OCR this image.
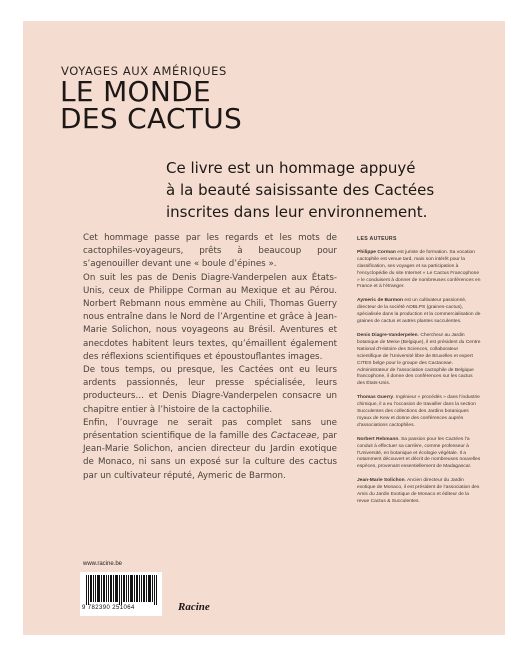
VOYAGES AUX AMÉRIQUES
LE MONDE
DES CACTUS
Ce livre est un hommage appuyé
à la beauté saisissante des Cactées
inscrites dans leur environnement.

Cet hommage passe par les regards et les mots de cactophiles-voyageurs, prêts à beaucoup pour s’agenouiller devant une « boule d’épines ».

On suit les pas de Denis Diagre-Vanderpelen aux États-Unis, ceux de Philippe Corman au Mexique et au Pérou. Norbert Rebmann nous emmène au Chili, Thomas Guerry nous entraîne dans le Nord de l’Argentine et grâce à Jean-Marie Solichon, nous voyageons au Brésil. Aventures et anecdotes habitent leurs textes, qu’émaillent également des réflexions scientifiques et époustouflantes images.

De tous temps, ou presque, les Cactées ont eu leurs ardents passionnés, leur presse spécialisée, leurs producteurs… et Denis Diagre-Vanderpelen consacre un chapitre entier à l’histoire de la cactophilie.

Enfin, l’ouvrage ne serait pas complet sans une présentation scientifique de la famille des Cactaceae, par Jean-Marie Solichon, ancien directeur du Jardin exotique de Monaco, ni sans un exposé sur la culture des cactus par un cultivateur réputé, Aymeric de Barmon.

LES AUTEURS
Philippe Corman est juriste de formation. Sa vocation cactophile est venue tard, mais son intérêt pour la classification, ses voyages et sa participation à l’encyclopédie du site Internet « Le Cactus Francophone » le conduisent à donner de nombreuses conférences en France et à l’étranger.
Aymeric de Barmon est un cultivateur passionné, directeur de la société ADBLPS (graines-cactus), spécialisée dans la production et la commercialisation de graines de cactus et autres plantes succulentes.
Denis Diagre-Vanderpelen. Chercheur au Jardin botanique de Meise (Belgique), il est président du Centre National d’Histoire des Sciences, collaborateur scientifique de l’Université libre de Bruxelles et expert CITES belge pour le groupe des Cactaceae. Administrateur de l’association cactophile de Belgique francophone, il donne des conférences sur les cactus des États-Unis.
Thomas Guerry. Ingénieur « procédés » dans l’industrie chimique, il a eu l’occasion de travailler dans la section Succulentes des collections des Jardins botaniques royaux de Kew et donne des conférences auprès d’associations cactophiles.
Norbert Rebmann. Sa passion pour les Cactées l’a conduit à effectuer sa carrière, comme professeur à l’Université, en botanique et écologie végétale. Il a notamment découvert et décrit de nombreuses nouvelles espèces, provenant essentiellement de Madagascar.
Jean-Marie Solichon. Ancien directeur du Jardin exotique de Monaco, il est président de l’association des Amis du Jardin Exotique de Monaco et éditeur de la revue Cactus & Succulentes.
www.racine.be
9 782390 251064	Racine
